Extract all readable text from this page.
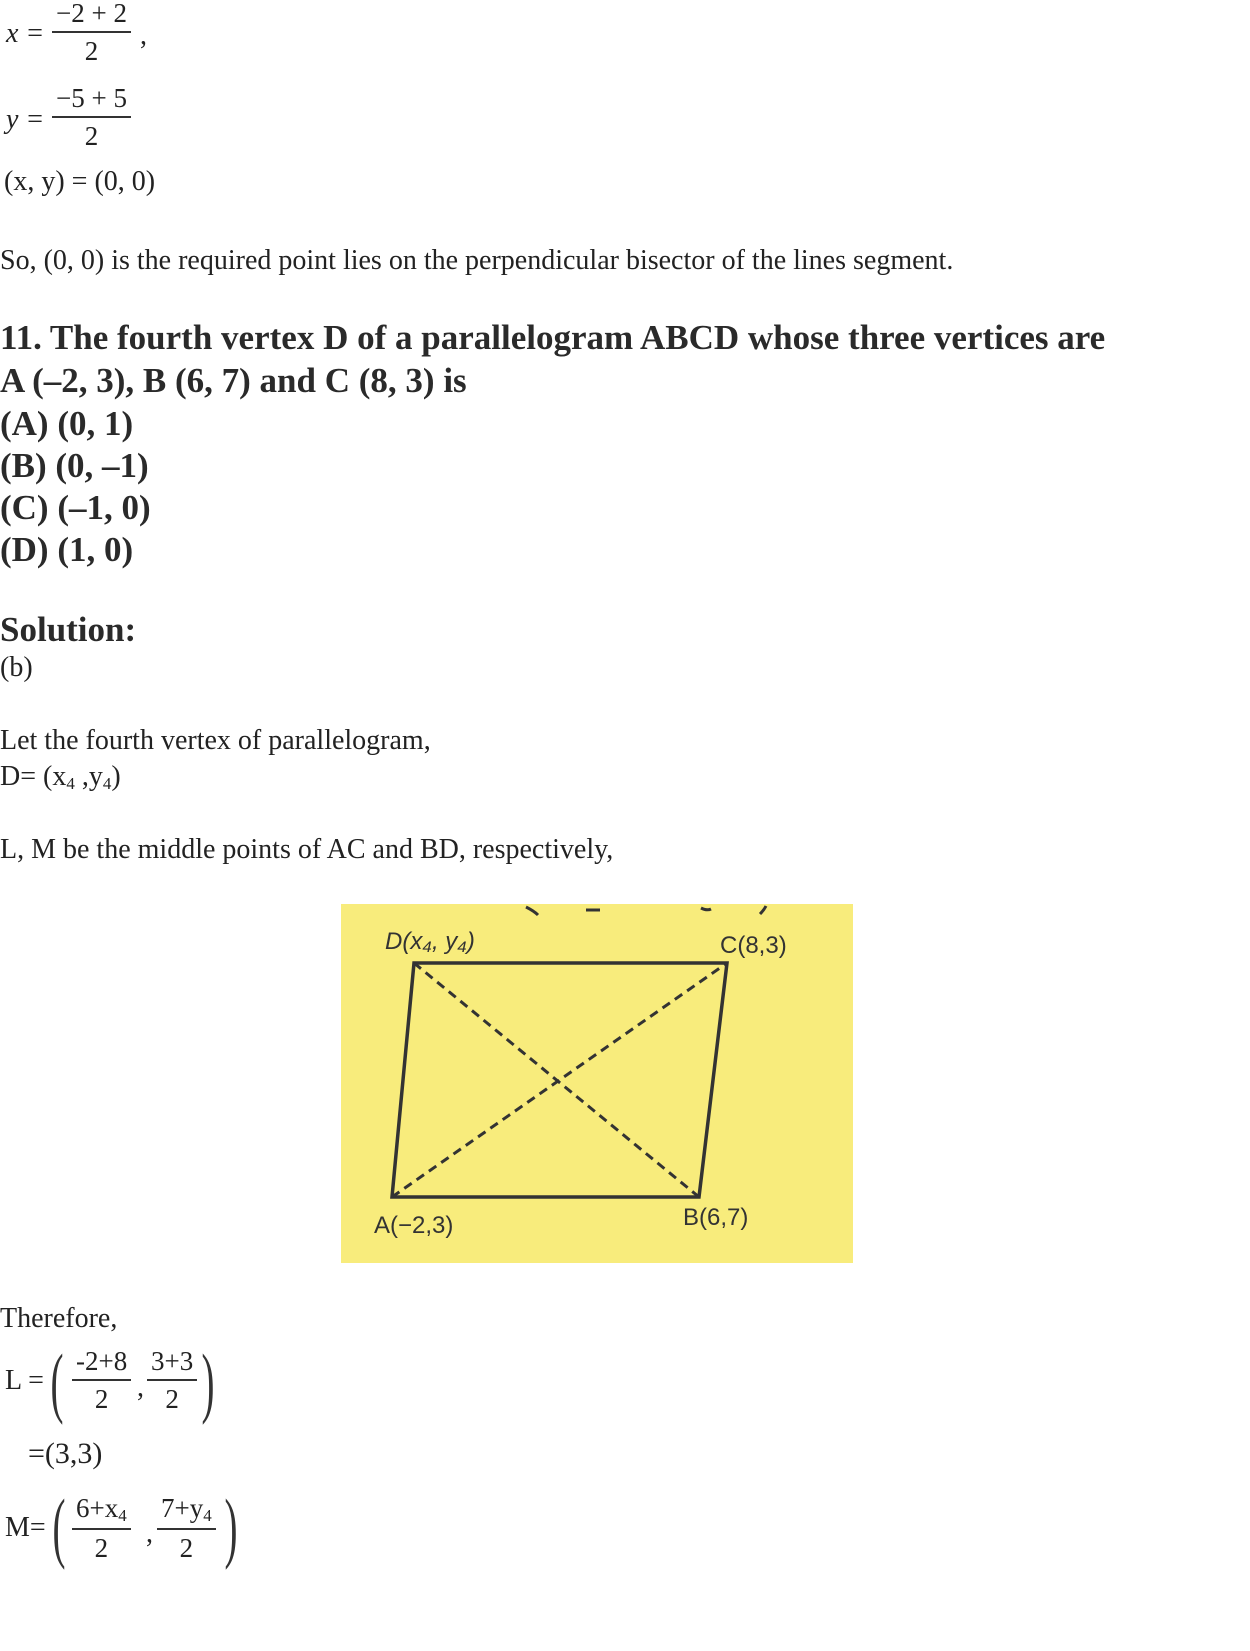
$x = \frac{-2 + 2}{2}$ ,
$y = \frac{-5 + 5}{2}$
(x, y) = (0, 0)
So, (0, 0) is the required point lies on the perpendicular bisector of the lines segment.
11. The fourth vertex D of a parallelogram ABCD whose three vertices are
A (–2, 3), B (6, 7) and C (8, 3) is
(A) (0, 1)
(B) (0, –1)
(C) (–1, 0)
(D) (1, 0)
Solution:
(b)
Let the fourth vertex of parallelogram,
$D= (x_4$ $,y_4$)
L, M be the middle points of AC and BD, respectively,
D(x₄, y₄)	C(8,3)
A(−2,3)	B(6,7)
Therefore,
L = ( $\frac{-2+8}{2}$ , $\frac{3+3}{2}$ )
=(3,3)
M= ( $\frac{6+x_4}{2}$ , $\frac{7+y_4}{2}$ )
